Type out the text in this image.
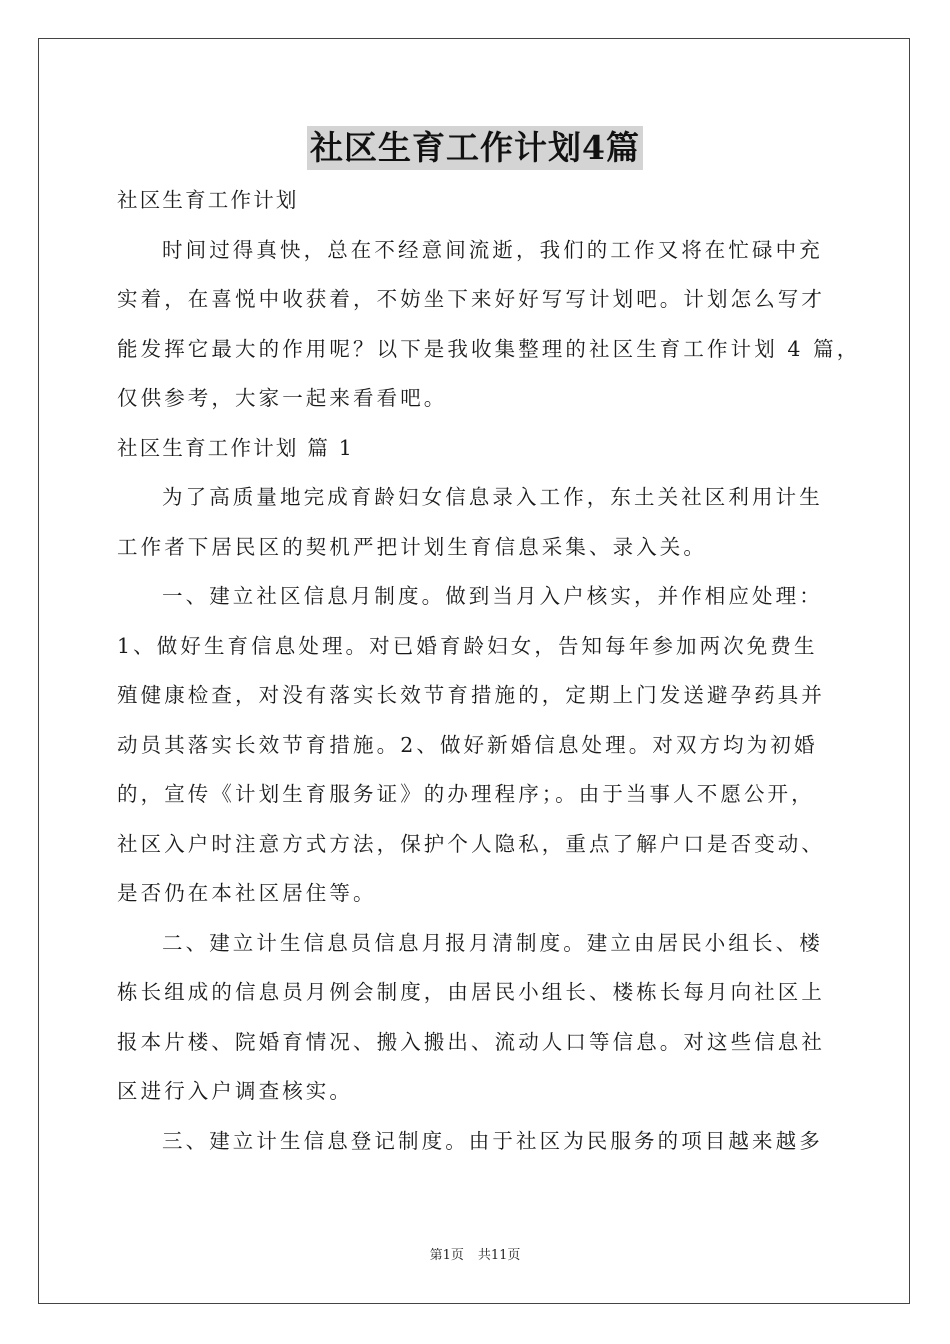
社区生育工作计划4篇
社区生育工作计划
时间过得真快，总在不经意间流逝，我们的工作又将在忙碌中充
实着，在喜悦中收获着，不妨坐下来好好写写计划吧。计划怎么写才
能发挥它最大的作用呢？以下是我收集整理的社区生育工作计划 4 篇，
仅供参考，大家一起来看看吧。
社区生育工作计划 篇 1
为了高质量地完成育龄妇女信息录入工作，东土关社区利用计生
工作者下居民区的契机严把计划生育信息采集、录入关。
一、建立社区信息月制度。做到当月入户核实，并作相应处理：
1、做好生育信息处理。对已婚育龄妇女，告知每年参加两次免费生
殖健康检查，对没有落实长效节育措施的，定期上门发送避孕药具并
动员其落实长效节育措施。2、做好新婚信息处理。对双方均为初婚
的，宣传《计划生育服务证》的办理程序；。由于当事人不愿公开，
社区入户时注意方式方法，保护个人隐私，重点了解户口是否变动、
是否仍在本社区居住等。
二、建立计生信息员信息月报月清制度。建立由居民小组长、楼
栋长组成的信息员月例会制度，由居民小组长、楼栋长每月向社区上
报本片楼、院婚育情况、搬入搬出、流动人口等信息。对这些信息社
区进行入户调查核实。
三、建立计生信息登记制度。由于社区为民服务的项目越来越多
第1页 共11页
